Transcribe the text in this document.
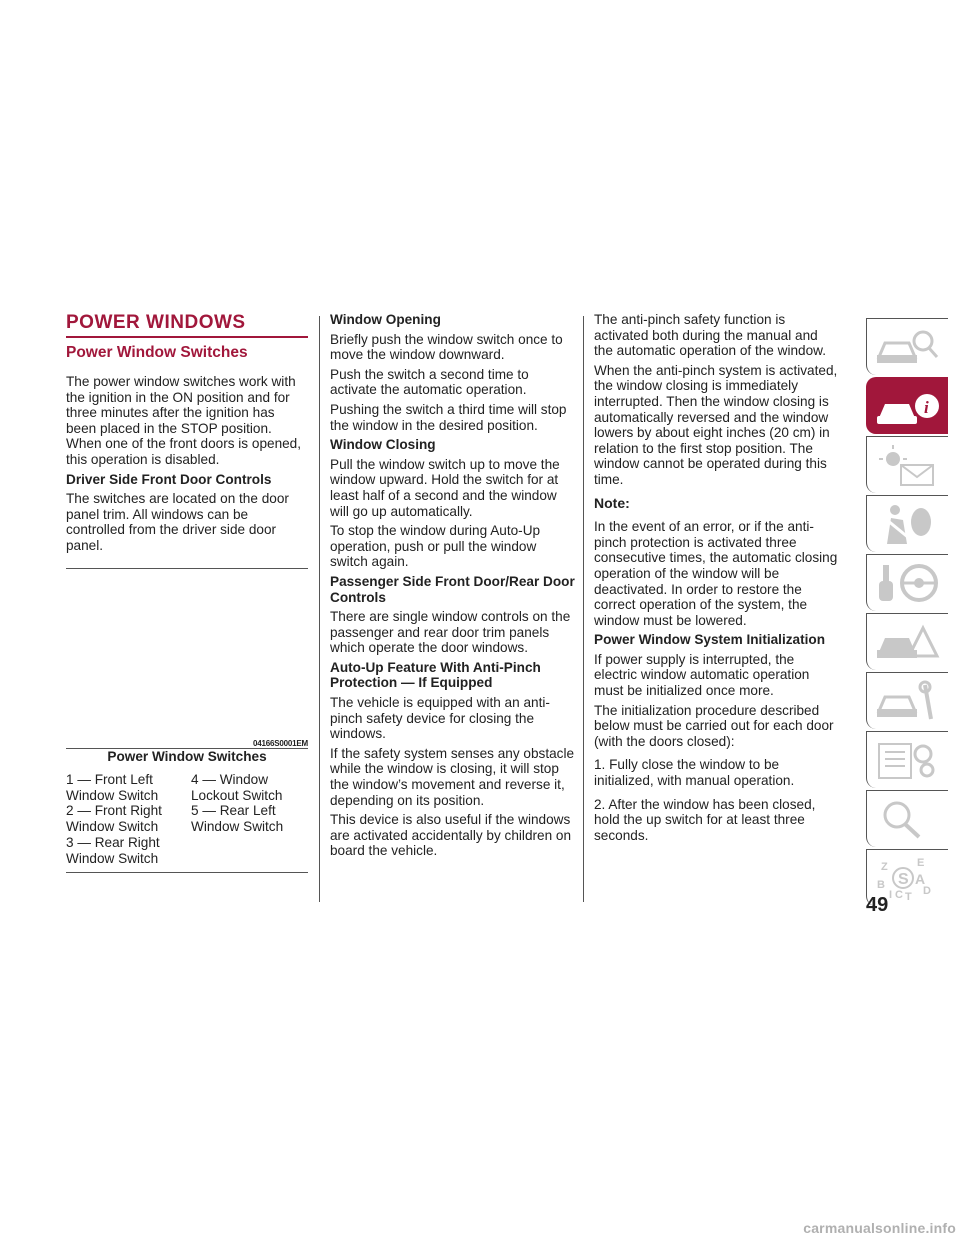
POWER WINDOWS
Power Window Switches

The power window switches work with the ignition in the ON position and for three minutes after the ignition has been placed in the STOP position. When one of the front doors is opened, this operation is disabled.

Driver Side Front Door Controls

The switches are located on the door panel trim. All windows can be controlled from the driver side door panel.

04166S0001EM
Power Window Switches
1 — Front Left
Window Switch
2 — Front Right
Window Switch
3 — Rear Right
Window Switch
4 — Window
Lockout Switch
5 — Rear Left
Window Switch
Window Opening

Briefly push the window switch once to move the window downward.

Push the switch a second time to activate the automatic operation.

Pushing the switch a third time will stop the window in the desired position.

Window Closing

Pull the window switch up to move the window upward. Hold the switch for at least half of a second and the window will go up automatically.

To stop the window during Auto-Up operation, push or pull the window switch again.

Passenger Side Front Door/Rear Door Controls

There are single window controls on the passenger and rear door trim panels which operate the door windows.

Auto-Up Feature With Anti-Pinch Protection — If Equipped

The vehicle is equipped with an anti-pinch safety device for closing the windows.

If the safety system senses any obstacle while the window is closing, it will stop the window’s movement and reverse it, depending on its position.

This device is also useful if the windows are activated accidentally by children on board the vehicle.

The anti-pinch safety function is activated both during the manual and the automatic operation of the window.

When the anti-pinch system is activated, the window closing is immediately interrupted. Then the window closing is automatically reversed and the window lowers by about eight inches (20 cm) in relation to the first stop position. The window cannot be operated during this time.

Note:

In the event of an error, or if the anti-pinch protection is activated three consecutive times, the automatic closing operation of the window will be deactivated. In order to restore the correct operation of the system, the window must be lowered.

Power Window System Initialization

If power supply is interrupted, the electric window automatic operation must be initialized once more.

The initialization procedure described below must be carried out for each door (with the doors closed):

1. Fully close the window to be initialized, with manual operation.

2. After the window has been closed, hold the up switch for at least three seconds.

i
S
Z
B
I C T
E
A
D
49
carmanualsonline.info
